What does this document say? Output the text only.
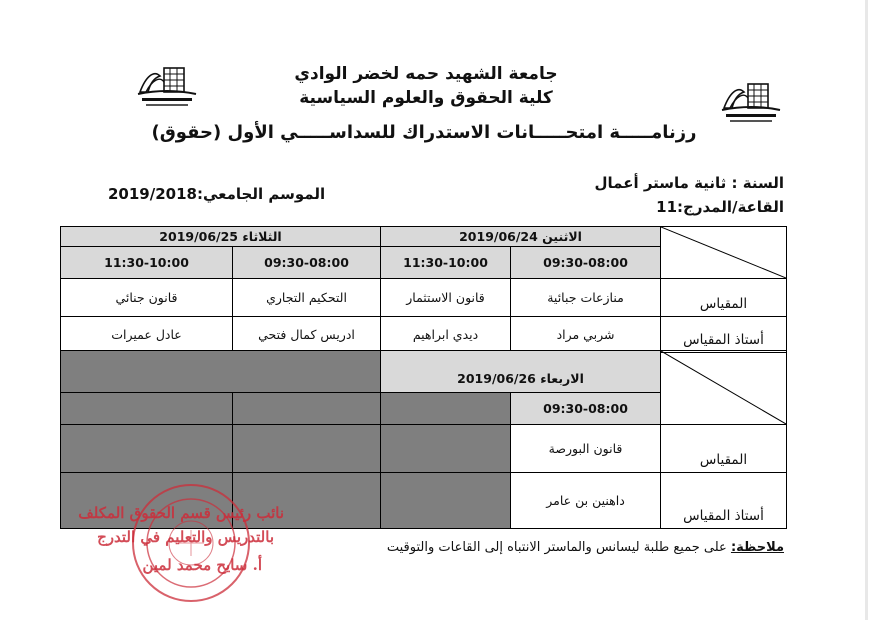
جامعة الشهيد حمه لخضر الوادي
كلية الحقوق والعلوم السياسية
رزنامـــــة امتحـــــانات الاستدراك للسداســـــي الأول (حقوق)
السنة : ثانية ماستر أعمال
القاعة/المدرج:11
الموسم الجامعي:2019/2018
	الاثنين 2019/06/24		الثلاثاء 2019/06/25	
	09:30-08:00	11:30-10:00	09:30-08:00	11:30-10:00
المقياس	منازعات جبائية	قانون الاستثمار	التحكيم التجاري	قانون جنائي
أستاذ المقياس	شربي مراد	ديدي ابراهيم	ادريس كمال فتحي	عادل عميرات
	الاربعاء 2019/06/26			
	09:30-08:00			
المقياس	قانون البورصة			
أستاذ المقياس	داهنين بن عامر			
ملاحظة: على جميع طلبة ليسانس والماستر الانتباه إلى القاعات والتوقيت
نائب رئيس قسم الحقوق المكلف
بالتدريس والتعليم في التدرج
أ. سايح محمد لمين
